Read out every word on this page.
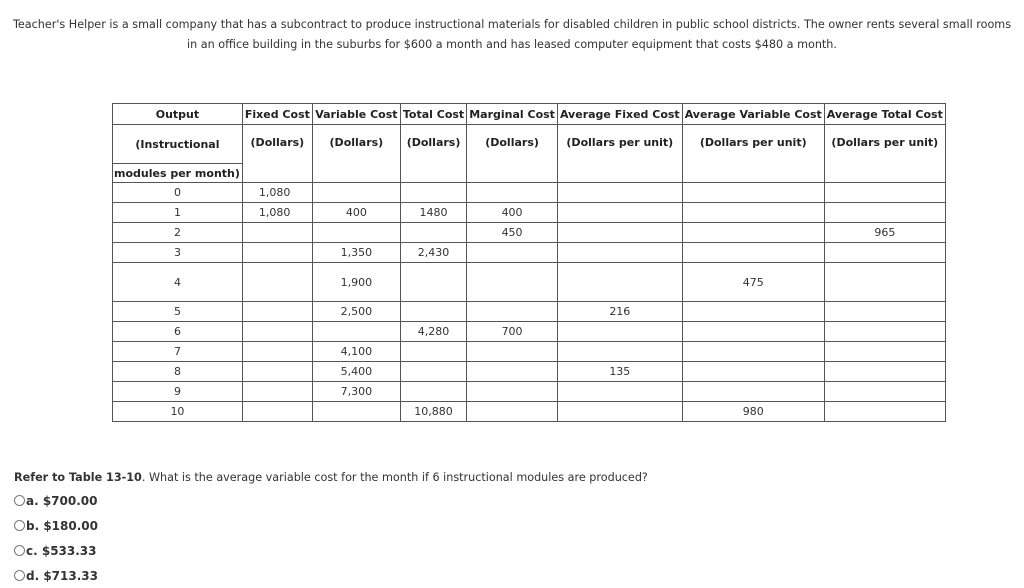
Teacher's Helper is a small company that has a subcontract to produce instructional materials for disabled children in public school districts. The owner rents several small rooms
in an office building in the suburbs for $600 a month and has leased computer equipment that costs $480 a month.
Output	Fixed Cost	Variable Cost	Total Cost	Marginal Cost	Average Fixed Cost	Average Variable Cost	Average Total Cost
(Instructional	(Dollars)	(Dollars)	(Dollars)	(Dollars)	(Dollars per unit)	(Dollars per unit)	(Dollars per unit)
modules per month)							
0	1,080						
1	1,080	400	1480	400			
2				450			965
3		1,350	2,430				
4		1,900				475	
5		2,500			216		
6			4,280	700			
7		4,100					
8		5,400			135		
9		7,300					
10			10,880			980	
Refer to Table 13-10. What is the average variable cost for the month if 6 instructional modules are produced?
a. $700.00
b. $180.00
c. $533.33
d. $713.33
